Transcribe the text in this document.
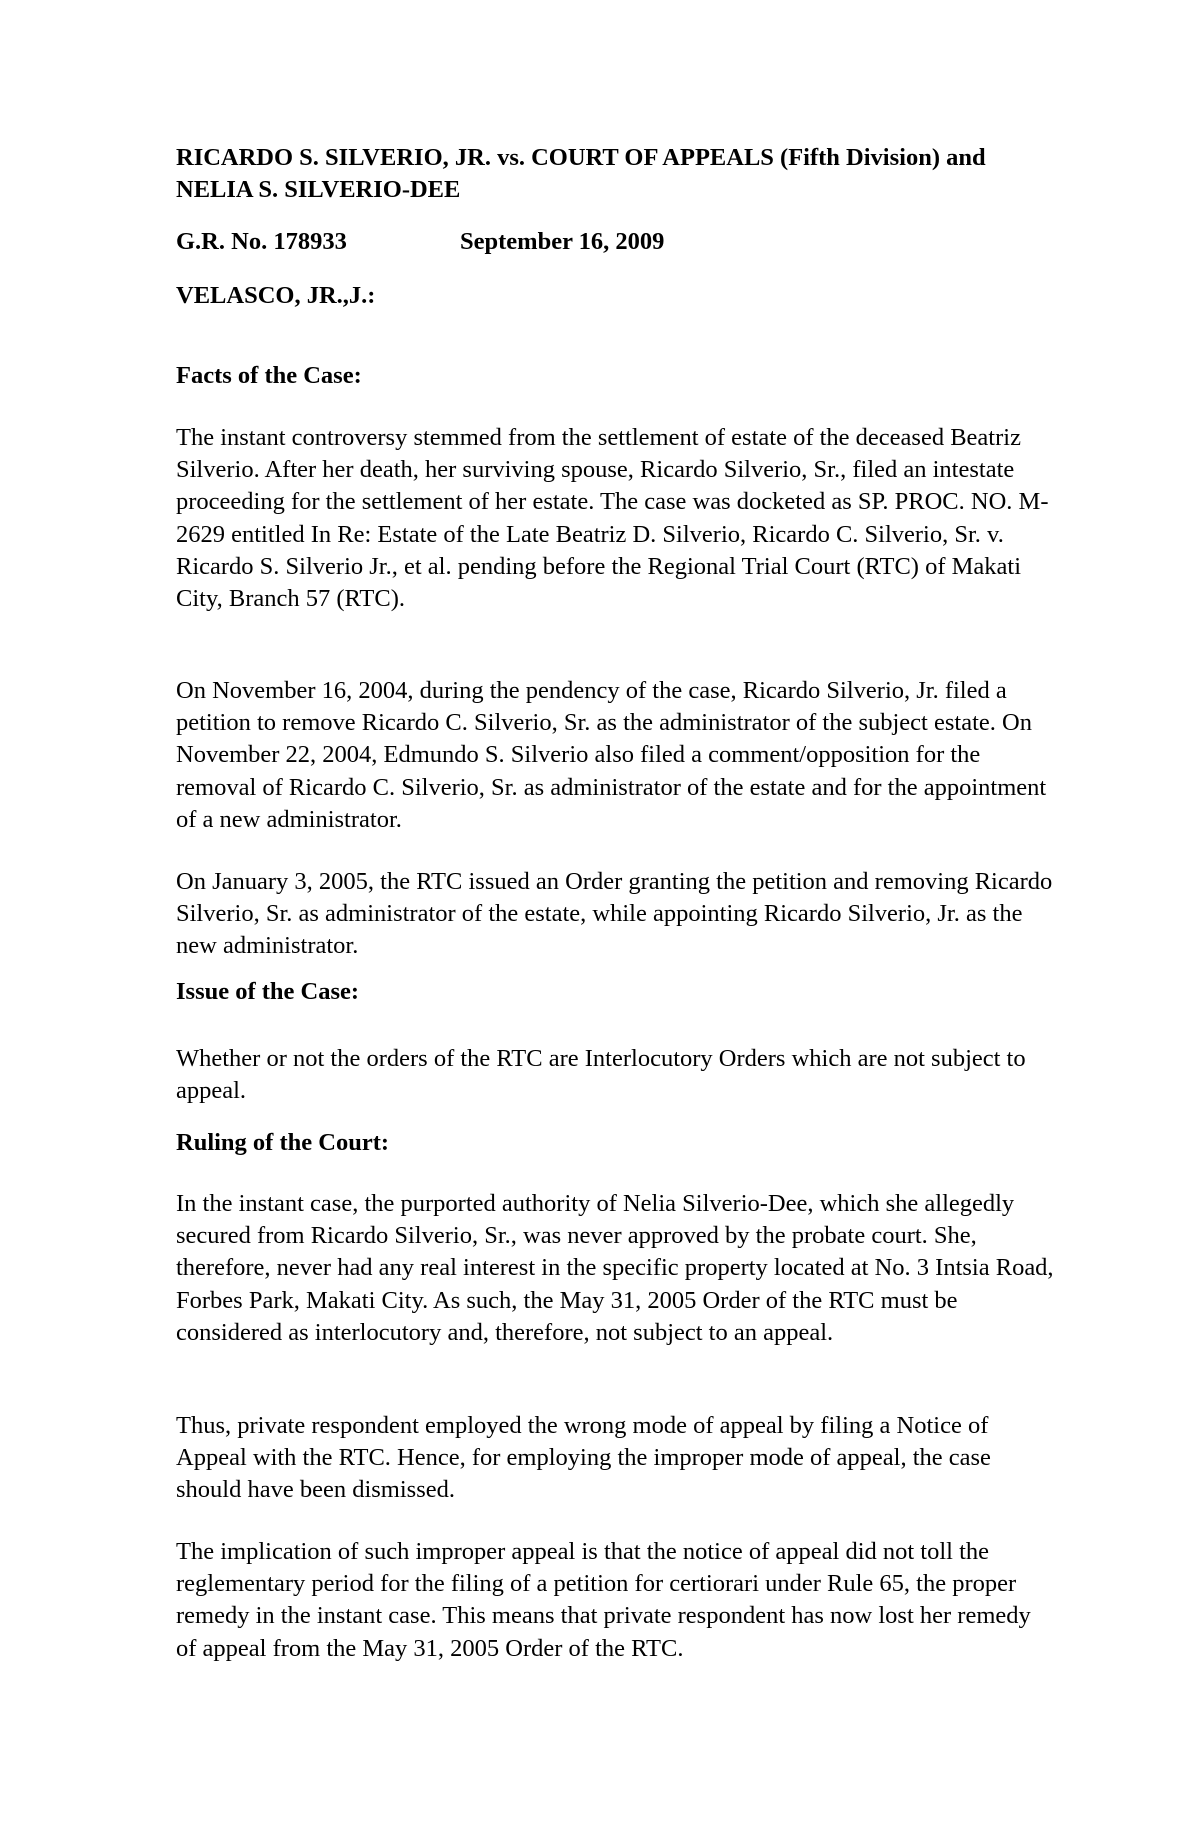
RICARDO S. SILVERIO, JR. vs. COURT OF APPEALS (Fifth Division) and NELIA S. SILVERIO-DEE

G.R. No. 178933	September 16, 2009

VELASCO, JR.,J.:

Facts of the Case:

The instant controversy stemmed from the settlement of estate of the deceased Beatriz Silverio. After her death, her surviving spouse, Ricardo Silverio, Sr., filed an intestate proceeding for the settlement of her estate. The case was docketed as SP. PROC. NO. M-2629 entitled In Re: Estate of the Late Beatriz D. Silverio, Ricardo C. Silverio, Sr. v. Ricardo S. Silverio Jr., et al. pending before the Regional Trial Court (RTC) of Makati City, Branch 57 (RTC).

On November 16, 2004, during the pendency of the case, Ricardo Silverio, Jr. filed a petition to remove Ricardo C. Silverio, Sr. as the administrator of the subject estate. On November 22, 2004, Edmundo S. Silverio also filed a comment/opposition for the removal of Ricardo C. Silverio, Sr. as administrator of the estate and for the appointment of a new administrator.

On January 3, 2005, the RTC issued an Order granting the petition and removing Ricardo Silverio, Sr. as administrator of the estate, while appointing Ricardo Silverio, Jr. as the new administrator.

Issue of the Case:

Whether or not the orders of the RTC are Interlocutory Orders which are not subject to appeal.

Ruling of the Court:

In the instant case, the purported authority of Nelia Silverio-Dee, which she allegedly secured from Ricardo Silverio, Sr., was never approved by the probate court. She, therefore, never had any real interest in the specific property located at No. 3 Intsia Road, Forbes Park, Makati City. As such, the May 31, 2005 Order of the RTC must be considered as interlocutory and, therefore, not subject to an appeal.

Thus, private respondent employed the wrong mode of appeal by filing a Notice of Appeal with the RTC. Hence, for employing the improper mode of appeal, the case should have been dismissed.

The implication of such improper appeal is that the notice of appeal did not toll the reglementary period for the filing of a petition for certiorari under Rule 65, the proper remedy in the instant case. This means that private respondent has now lost her remedy of appeal from the May 31, 2005 Order of the RTC.
